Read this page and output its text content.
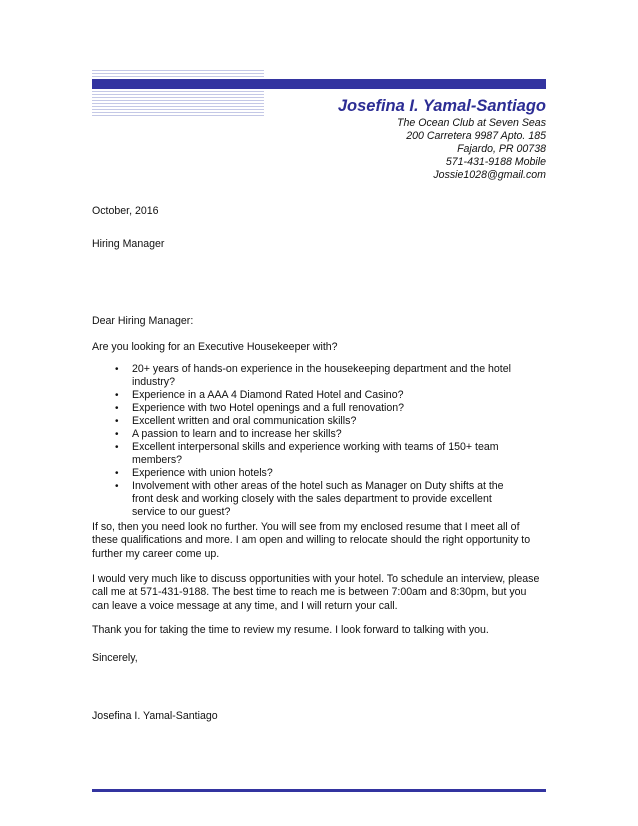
Josefina I. Yamal-Santiago
The Ocean Club at Seven Seas
200 Carretera 9987 Apto. 185
Fajardo, PR 00738
571-431-9188 Mobile
Jossie1028@gmail.com
October, 2016
Hiring Manager
Dear Hiring Manager:
Are you looking for an Executive Housekeeper with?
• 20+ years of hands-on experience in the housekeeping department and the hotel industry?
• Experience in a AAA 4 Diamond Rated Hotel and Casino?
• Experience with two Hotel openings and a full renovation?
• Excellent written and oral communication skills?
• A passion to learn and to increase her skills?
• Excellent interpersonal skills and experience working with teams of 150+ team members?
• Experience with union hotels?
• Involvement with other areas of the hotel such as Manager on Duty shifts at the front desk and working closely with the sales department to provide excellent service to our guest?
If so, then you need look no further. You will see from my enclosed resume that I meet all of these qualifications and more. I am open and willing to relocate should the right opportunity to further my career come up.
I would very much like to discuss opportunities with your hotel. To schedule an interview, please call me at 571-431-9188. The best time to reach me is between 7:00am and 8:30pm, but you can leave a voice message at any time, and I will return your call.
Thank you for taking the time to review my resume. I look forward to talking with you.
Sincerely,
Josefina I. Yamal-Santiago
